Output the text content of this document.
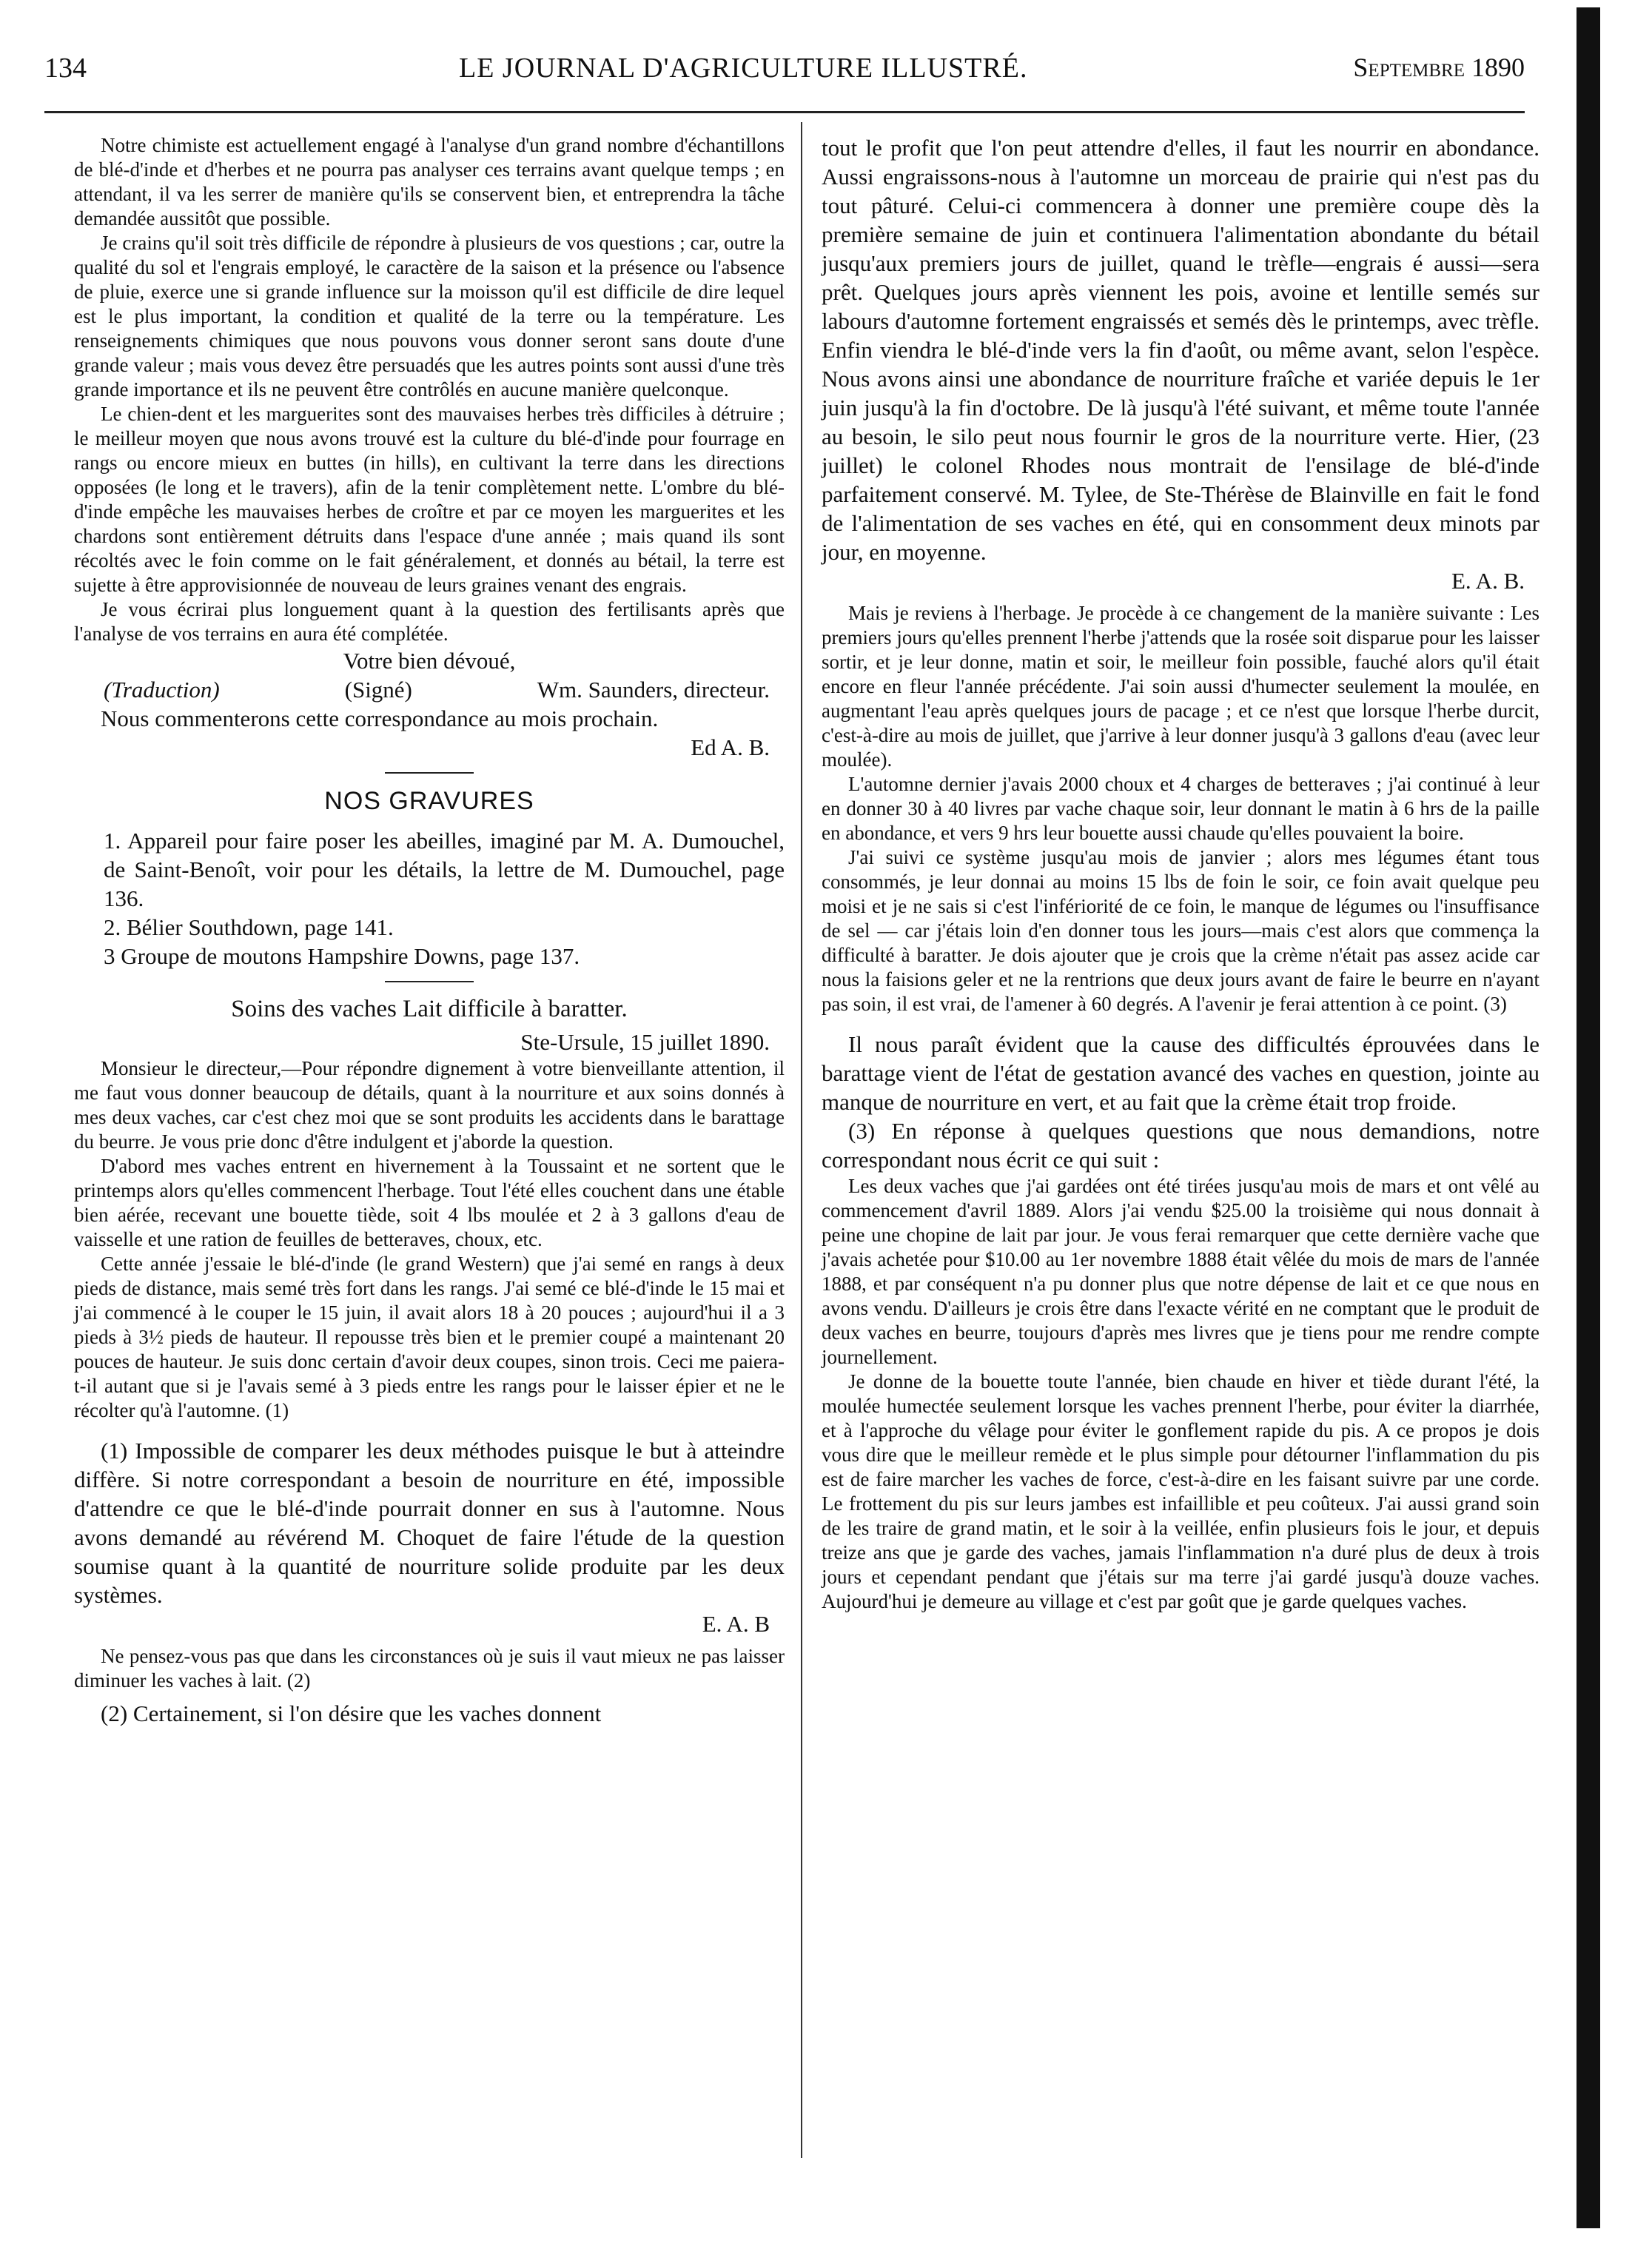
134	LE JOURNAL D'AGRICULTURE ILLUSTRÉ.	Septembre 1890

Notre chimiste est actuellement engagé à l'analyse d'un grand nombre d'échantillons de blé-d'inde et d'herbes et ne pourra pas analyser ces terrains avant quelque temps ; en attendant, il va les serrer de manière qu'ils se conservent bien, et entreprendra la tâche demandée aussitôt que possible.

Je crains qu'il soit très difficile de répondre à plusieurs de vos questions ; car, outre la qualité du sol et l'engrais employé, le caractère de la saison et la présence ou l'absence de pluie, exerce une si grande influence sur la moisson qu'il est difficile de dire lequel est le plus important, la condition et qualité de la terre ou la température. Les renseignements chimiques que nous pouvons vous donner seront sans doute d'une grande valeur ; mais vous devez être persuadés que les autres points sont aussi d'une très grande importance et ils ne peuvent être contrôlés en aucune manière quelconque.

Le chien-dent et les marguerites sont des mauvaises herbes très difficiles à détruire ; le meilleur moyen que nous avons trouvé est la culture du blé-d'inde pour fourrage en rangs ou encore mieux en buttes (in hills), en cultivant la terre dans les directions opposées (le long et le travers), afin de la tenir complètement nette. L'ombre du blé-d'inde empêche les mauvaises herbes de croître et par ce moyen les marguerites et les chardons sont entièrement détruits dans l'espace d'une année ; mais quand ils sont récoltés avec le foin comme on le fait généralement, et donnés au bétail, la terre est sujette à être approvisionnée de nouveau de leurs graines venant des engrais.

Je vous écrirai plus longuement quant à la question des fertilisants après que l'analyse de vos terrains en aura été complétée.

Votre bien dévoué,

(Traduction)	(Signé)	Wm. Saunders, directeur.

Nous commenterons cette correspondance au mois prochain.

Ed A. B.

NOS GRAVURES

1. Appareil pour faire poser les abeilles, imaginé par M. A. Dumouchel, de Saint-Benoît, voir pour les détails, la lettre de M. Dumouchel, page 136.

2. Bélier Southdown, page 141.

3 Groupe de moutons Hampshire Downs, page 137.

Soins des vaches Lait difficile à baratter.

Ste-Ursule, 15 juillet 1890.

Monsieur le directeur,—Pour répondre dignement à votre bienveillante attention, il me faut vous donner beaucoup de détails, quant à la nourriture et aux soins donnés à mes deux vaches, car c'est chez moi que se sont produits les accidents dans le barattage du beurre. Je vous prie donc d'être indulgent et j'aborde la question.

D'abord mes vaches entrent en hivernement à la Toussaint et ne sortent que le printemps alors qu'elles commencent l'herbage. Tout l'été elles couchent dans une étable bien aérée, recevant une bouette tiède, soit 4 lbs moulée et 2 à 3 gallons d'eau de vaisselle et une ration de feuilles de betteraves, choux, etc.

Cette année j'essaie le blé-d'inde (le grand Western) que j'ai semé en rangs à deux pieds de distance, mais semé très fort dans les rangs. J'ai semé ce blé-d'inde le 15 mai et j'ai commencé à le couper le 15 juin, il avait alors 18 à 20 pouces ; aujourd'hui il a 3 pieds à 3½ pieds de hauteur. Il repousse très bien et le premier coupé a maintenant 20 pouces de hauteur. Je suis donc certain d'avoir deux coupes, sinon trois. Ceci me paiera-t-il autant que si je l'avais semé à 3 pieds entre les rangs pour le laisser épier et ne le récolter qu'à l'automne. (1)

(1) Impossible de comparer les deux méthodes puisque le but à atteindre diffère. Si notre correspondant a besoin de nourriture en été, impossible d'attendre ce que le blé-d'inde pourrait donner en sus à l'automne. Nous avons demandé au révérend M. Choquet de faire l'étude de la question soumise quant à la quantité de nourriture solide produite par les deux systèmes.

E. A. B

Ne pensez-vous pas que dans les circonstances où je suis il vaut mieux ne pas laisser diminuer les vaches à lait. (2)

(2) Certainement, si l'on désire que les vaches donnent

tout le profit que l'on peut attendre d'elles, il faut les nourrir en abondance. Aussi engraissons-nous à l'automne un morceau de prairie qui n'est pas du tout pâturé. Celui-ci commencera à donner une première coupe dès la première semaine de juin et continuera l'alimentation abondante du bétail jusqu'aux premiers jours de juillet, quand le trèfle—engrais é aussi—sera prêt. Quelques jours après viennent les pois, avoine et lentille semés sur labours d'automne fortement engraissés et semés dès le printemps, avec trèfle. Enfin viendra le blé-d'inde vers la fin d'août, ou même avant, selon l'espèce. Nous avons ainsi une abondance de nourriture fraîche et variée depuis le 1er juin jusqu'à la fin d'octobre. De là jusqu'à l'été suivant, et même toute l'année au besoin, le silo peut nous fournir le gros de la nourriture verte. Hier, (23 juillet) le colonel Rhodes nous montrait de l'ensilage de blé-d'inde parfaitement conservé. M. Tylee, de Ste-Thérèse de Blainville en fait le fond de l'alimentation de ses vaches en été, qui en consomment deux minots par jour, en moyenne.

E. A. B.

Mais je reviens à l'herbage. Je procède à ce changement de la manière suivante : Les premiers jours qu'elles prennent l'herbe j'attends que la rosée soit disparue pour les laisser sortir, et je leur donne, matin et soir, le meilleur foin possible, fauché alors qu'il était encore en fleur l'année précédente. J'ai soin aussi d'humecter seulement la moulée, en augmentant l'eau après quelques jours de pacage ; et ce n'est que lorsque l'herbe durcit, c'est-à-dire au mois de juillet, que j'arrive à leur donner jusqu'à 3 gallons d'eau (avec leur moulée).

L'automne dernier j'avais 2000 choux et 4 charges de betteraves ; j'ai continué à leur en donner 30 à 40 livres par vache chaque soir, leur donnant le matin à 6 hrs de la paille en abondance, et vers 9 hrs leur bouette aussi chaude qu'elles pouvaient la boire.

J'ai suivi ce système jusqu'au mois de janvier ; alors mes légumes étant tous consommés, je leur donnai au moins 15 lbs de foin le soir, ce foin avait quelque peu moisi et je ne sais si c'est l'infériorité de ce foin, le manque de légumes ou l'insuffisance de sel — car j'étais loin d'en donner tous les jours—mais c'est alors que commença la difficulté à baratter. Je dois ajouter que je crois que la crème n'était pas assez acide car nous la faisions geler et ne la rentrions que deux jours avant de faire le beurre en n'ayant pas soin, il est vrai, de l'amener à 60 degrés. A l'avenir je ferai attention à ce point. (3)

Il nous paraît évident que la cause des difficultés éprouvées dans le barattage vient de l'état de gestation avancé des vaches en question, jointe au manque de nourriture en vert, et au fait que la crème était trop froide.

(3) En réponse à quelques questions que nous demandions, notre correspondant nous écrit ce qui suit :

Les deux vaches que j'ai gardées ont été tirées jusqu'au mois de mars et ont vêlé au commencement d'avril 1889. Alors j'ai vendu $25.00 la troisième qui nous donnait à peine une chopine de lait par jour. Je vous ferai remarquer que cette dernière vache que j'avais achetée pour $10.00 au 1er novembre 1888 était vêlée du mois de mars de l'année 1888, et par conséquent n'a pu donner plus que notre dépense de lait et ce que nous en avons vendu. D'ailleurs je crois être dans l'exacte vérité en ne comptant que le produit de deux vaches en beurre, toujours d'après mes livres que je tiens pour me rendre compte journellement.

Je donne de la bouette toute l'année, bien chaude en hiver et tiède durant l'été, la moulée humectée seulement lorsque les vaches prennent l'herbe, pour éviter la diarrhée, et à l'approche du vêlage pour éviter le gonflement rapide du pis. A ce propos je dois vous dire que le meilleur remède et le plus simple pour détourner l'inflammation du pis est de faire marcher les vaches de force, c'est-à-dire en les faisant suivre par une corde. Le frottement du pis sur leurs jambes est infaillible et peu coûteux. J'ai aussi grand soin de les traire de grand matin, et le soir à la veillée, enfin plusieurs fois le jour, et depuis treize ans que je garde des vaches, jamais l'inflammation n'a duré plus de deux à trois jours et cependant pendant que j'étais sur ma terre j'ai gardé jusqu'à douze vaches. Aujourd'hui je demeure au village et c'est par goût que je garde quelques vaches.
